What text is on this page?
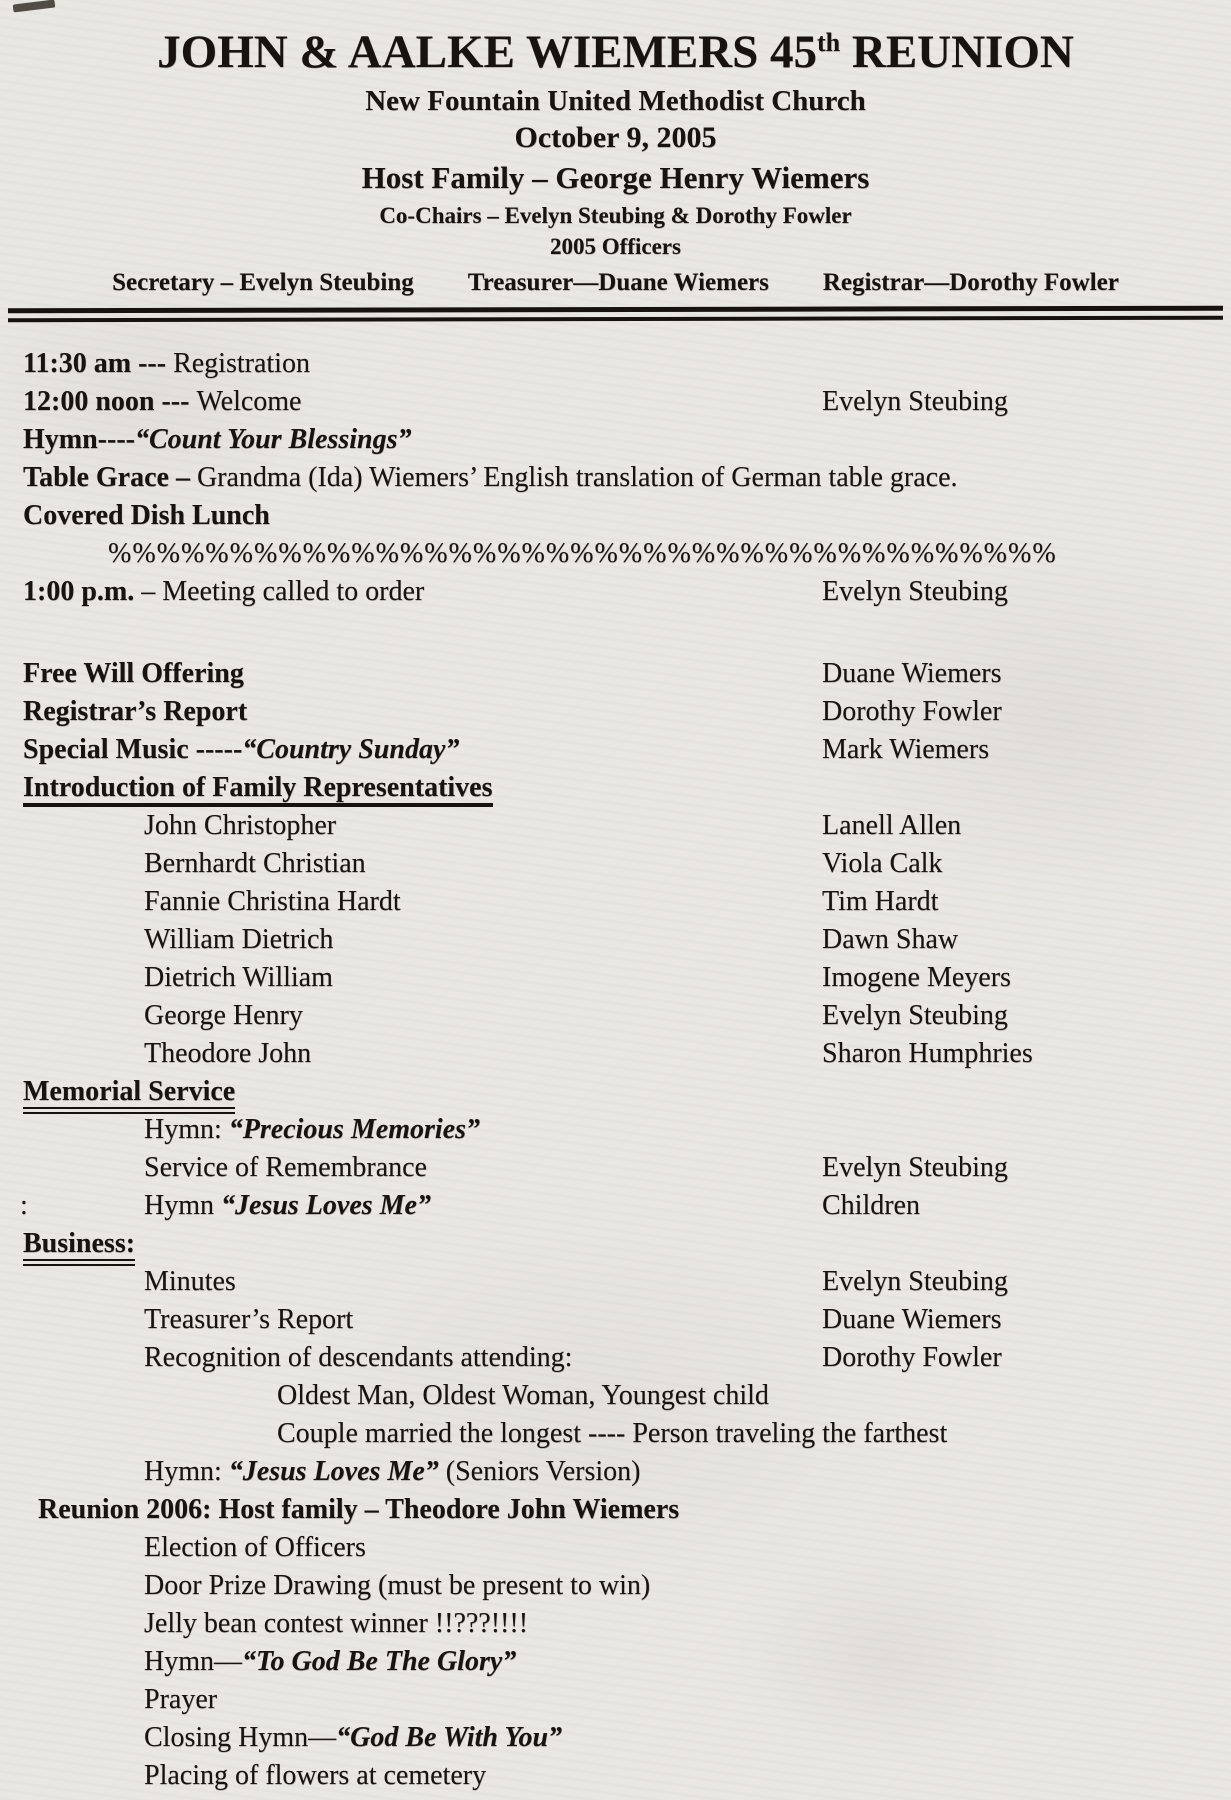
JOHN & AALKE WIEMERS 45th REUNION
New Fountain United Methodist Church
October 9, 2005
Host Family – George Henry Wiemers
Co-Chairs – Evelyn Steubing & Dorothy Fowler
2005 Officers
Secretary – Evelyn Steubing Treasurer—Duane Wiemers Registrar—Dorothy Fowler
11:30 am --- Registration
12:00 noon --- Welcome	Evelyn Steubing
Hymn----“Count Your Blessings”
Table Grace – Grandma (Ida) Wiemers’ English translation of German table grace.
Covered Dish Lunch
%%%%%%%%%%%%%%%%%%%%%%%%%%%%%%%%%%%%%%%
1:00 p.m. – Meeting called to order	Evelyn Steubing
Free Will Offering	Duane Wiemers
Registrar’s Report	Dorothy Fowler
Special Music -----“Country Sunday”	Mark Wiemers
Introduction of Family Representatives
John Christopher	Lanell Allen
Bernhardt Christian	Viola Calk
Fannie Christina Hardt	Tim Hardt
William Dietrich	Dawn Shaw
Dietrich William	Imogene Meyers
George Henry	Evelyn Steubing
Theodore John	Sharon Humphries
Memorial Service
Hymn: “Precious Memories”
Service of Remembrance	Evelyn Steubing
:	Hymn “Jesus Loves Me”	Children
Business:
Minutes	Evelyn Steubing
Treasurer’s Report	Duane Wiemers
Recognition of descendants attending:	Dorothy Fowler
Oldest Man, Oldest Woman, Youngest child
Couple married the longest ---- Person traveling the farthest
Hymn: “Jesus Loves Me” (Seniors Version)
Reunion 2006: Host family – Theodore John Wiemers
Election of Officers
Door Prize Drawing (must be present to win)
Jelly bean contest winner !!???!!!!
Hymn—“To God Be The Glory”
Prayer
Closing Hymn—“God Be With You”
Placing of flowers at cemetery
